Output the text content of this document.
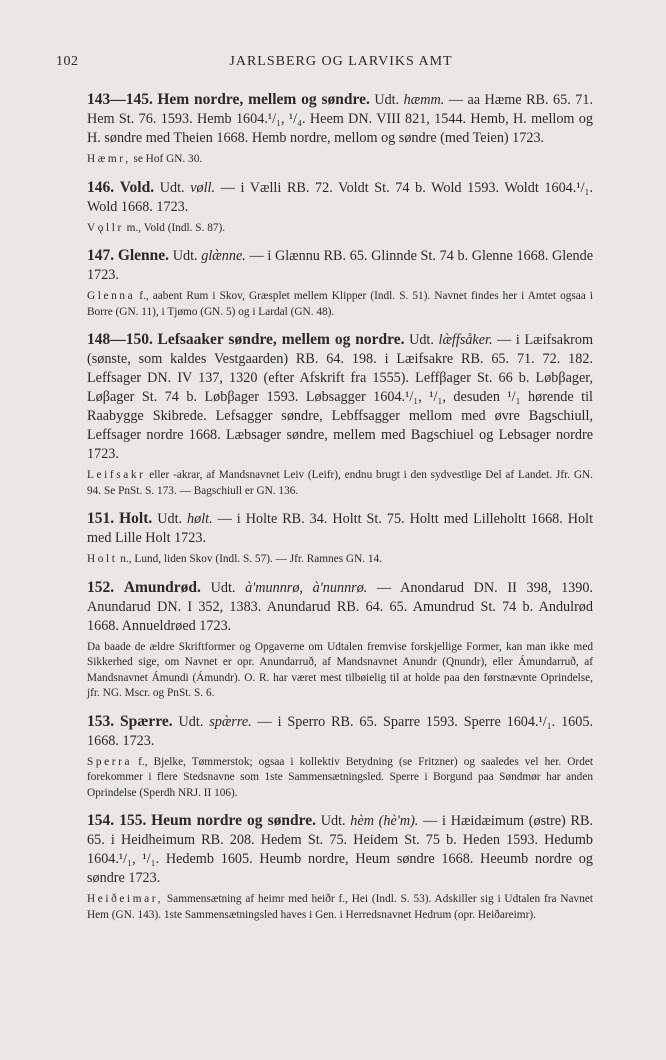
102	JARLSBERG OG LARVIKS AMT

143—145. Hem nordre, mellem og søndre. Udt. hæmm. — aa Hæme RB. 65. 71. Hem St. 76. 1593. Hemb 1604.¹/₁, ¹/₄. Heem DN. VIII 821, 1544. Hemb, H. mellom og H. søndre med Theien 1668. Hemb nordre, mellom og søndre (med Teien) 1723.

Hæmr, se Hof GN. 30.

146. Vold. Udt. vøll. — i Vælli RB. 72. Voldt St. 74 b. Wold 1593. Woldt 1604.¹/₁. Wold 1668. 1723.

Vǫllr m., Vold (Indl. S. 87).

147. Glenne. Udt. glæ̀nne. — i Glænnu RB. 65. Glinnde St. 74 b. Glenne 1668. Glende 1723.

Glenna f., aabent Rum i Skov, Græsplet mellem Klipper (Indl. S. 51). Navnet findes her i Amtet ogsaa i Borre (GN. 11), i Tjømo (GN. 5) og i Lardal (GN. 48).

148—150. Lefsaaker søndre, mellem og nordre. Udt. læ̀ffsåker. — i Læifsakrom (sønste, som kaldes Vestgaarden) RB. 64. 198. i Læifsakre RB. 65. 71. 72. 182. Leffsager DN. IV 137, 1320 (efter Afskrift fra 1555). Leffβager St. 66 b. Løbβager, Løβager St. 74 b. Løbβager 1593. Løbsagger 1604.¹/₁, ¹/₁, desuden ¹/₁ hørende til Raabygge Skibrede. Lefsagger søndre, Lebffsagger mellom med øvre Bagschiull, Leffsager nordre 1668. Læbsager søndre, mellem med Bagschiuel og Lebsager nordre 1723.

Leifsakr eller -akrar, af Mandsnavnet Leiv (Leifr), endnu brugt i den sydvestlige Del af Landet. Jfr. GN. 94. Se PnSt. S. 173. — Bagschiull er GN. 136.

151. Holt. Udt. hølt. — i Holte RB. 34. Holtt St. 75. Holtt med Lilleholtt 1668. Holt med Lille Holt 1723.

Holt n., Lund, liden Skov (Indl. S. 57). — Jfr. Ramnes GN. 14.

152. Amundrød. Udt. à'munnrø, à'nunnrø. — Anondarud DN. II 398, 1390. Anundarud DN. I 352, 1383. Anundarud RB. 64. 65. Amundrud St. 74 b. Andulrød 1668. Annueldrøed 1723.

Da baade de ældre Skriftformer og Opgaverne om Udtalen fremvise forskjellige Former, kan man ikke med Sikkerhed sige, om Navnet er opr. Anundarruð, af Mandsnavnet Anundr (Qnundr), eller Ámundarruð, af Mandsnavnet Ámundi (Ámundr). O. R. har været mest tilbøielig til at holde paa den førstnævnte Oprindelse, jfr. NG. Mscr. og PnSt. S. 6.

153. Spærre. Udt. spæ̀rre. — i Sperro RB. 65. Sparre 1593. Sperre 1604.¹/₁. 1605. 1668. 1723.

Sperra f., Bjelke, Tømmerstok; ogsaa i kollektiv Betydning (se Fritzner) og saaledes vel her. Ordet forekommer i flere Stedsnavne som 1ste Sammensætningsled. Sperre i Borgund paa Søndmør har anden Oprindelse (Sperdh NRJ. II 106).

154. 155. Heum nordre og søndre. Udt. hèm (hè'm). — i Hæidæimum (østre) RB. 65. i Heidheimum RB. 208. Hedem St. 75. Heidem St. 75 b. Heden 1593. Hedumb 1604.¹/₁, ¹/₁. Hedemb 1605. Heumb nordre, Heum søndre 1668. Heeumb nordre og søndre 1723.

Heiðeimar, Sammensætning af heimr med heiðr f., Hei (Indl. S. 53). Adskiller sig i Udtalen fra Navnet Hem (GN. 143). 1ste Sammensætningsled haves i Gen. i Herredsnavnet Hedrum (opr. Heiðareimr).
